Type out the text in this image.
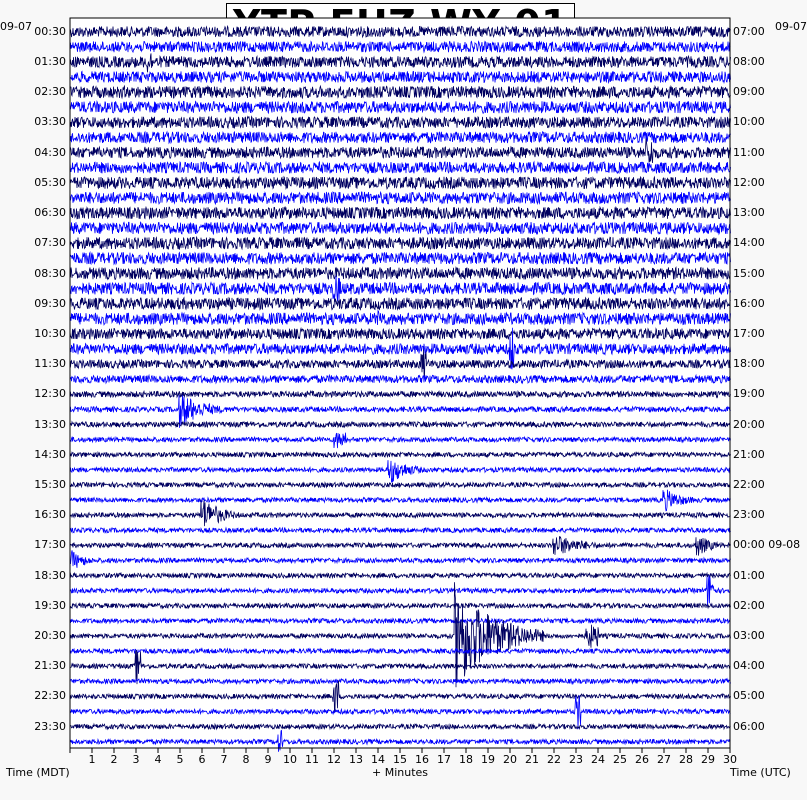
1	2	3	4	5	6	7	8	9	10 11 12 13 14 15 16 17 18 19 20 21 22 23 24 25 26 27 28 29 30
00:30
01:30
02:30
03:30
04:30
05:30
06:30
07:30
08:30
09:30
10:30
11:30
12:30
13:30
14:30
15:30
16:30
17:30
18:30
19:30
20:30
21:30
22:30
23:30
07:00
08:00
09:00
10:00
11:00
12:00
13:00
14:00
15:00
16:00
17:00
18:00
19:00
20:00
21:00
22:00
23:00
00:00 09-08
01:00
02:00
03:00
04:00
05:00
06:00
09-07	09-07
Time (MDT)	+ Minutes	Time (UTC)
